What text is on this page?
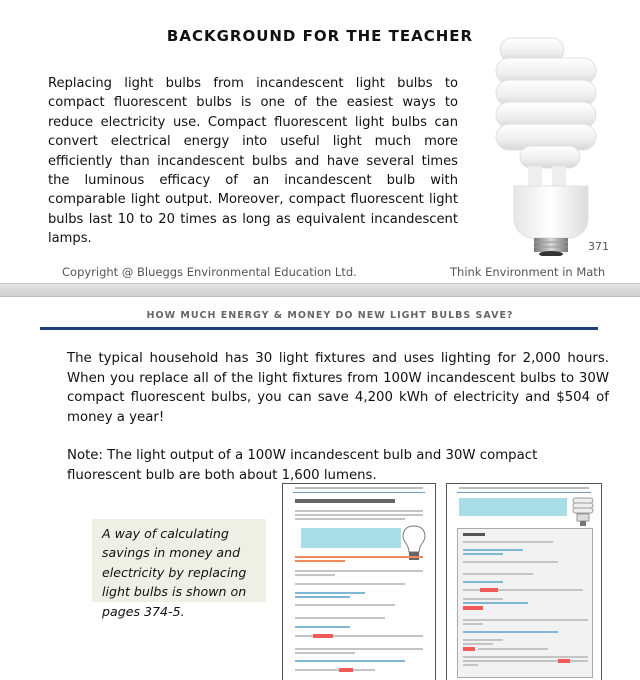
BACKGROUND FOR THE TEACHER
Replacing light bulbs from incandescent light bulbs to compact fluorescent bulbs is one of the easiest ways to reduce electricity use. Compact fluorescent light bulbs can convert electrical energy into useful light much more efficiently than incandescent bulbs and have several times the luminous efficacy of an incandescent bulb with comparable light output. Moreover, compact fluorescent light bulbs last 10 to 20 times as long as equivalent incandescent lamps.
371
Copyright @ Blueggs Environmental Education Ltd.	Think Environment in Math
HOW MUCH ENERGY & MONEY DO NEW LIGHT BULBS SAVE?
The typical household has 30 light fixtures and uses lighting for 2,000 hours. When you replace all of the light fixtures from 100W incandescent bulbs to 30W compact fluorescent bulbs, you can save 4,200 kWh of electricity and $504 of money a year!
Note: The light output of a 100W incandescent bulb and 30W compact fluorescent bulb are both about 1,600 lumens.
A way of calculating savings in money and electricity by replacing light bulbs is shown on pages 374-5.
